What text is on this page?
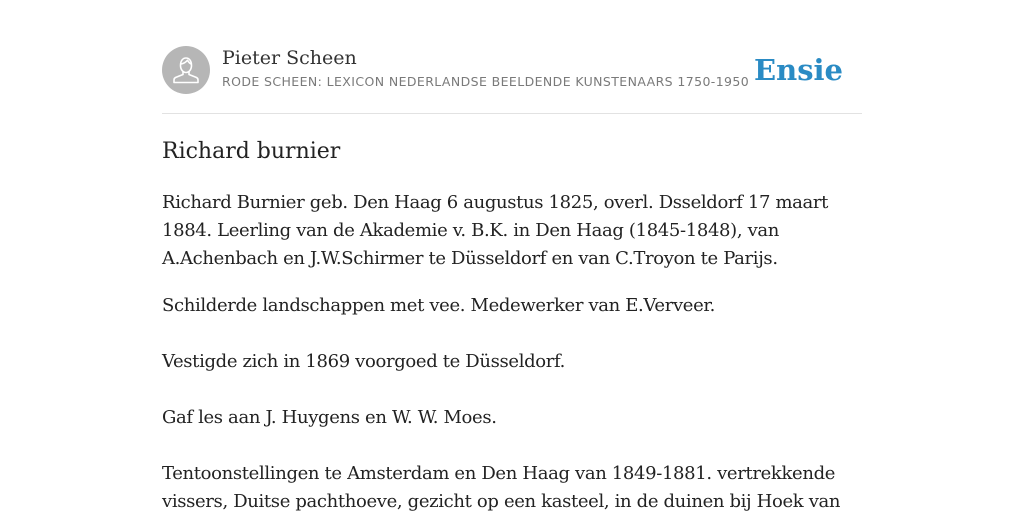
Pieter Scheen
RODE SCHEEN: LEXICON NEDERLANDSE BEELDENDE KUNSTENAARS 1750-1950 Ensie
Richard burnier

Richard Burnier geb. Den Haag 6 augustus 1825, overl. Dsseldorf 17 maart 1884. Leerling van de Akademie v. B.K. in Den Haag (1845-1848), van A.Achenbach en J.W.Schirmer te Düsseldorf en van C.Troyon te Parijs.

Schilderde landschappen met vee. Medewerker van E.Verveer.

Vestigde zich in 1869 voorgoed te Düsseldorf.

Gaf les aan J. Huygens en W. W. Moes.

Tentoonstellingen te Amsterdam en Den Haag van 1849-1881. vertrekkende vissers, Duitse pachthoeve, gezicht op een kasteel, in de duinen bij Hoek van
